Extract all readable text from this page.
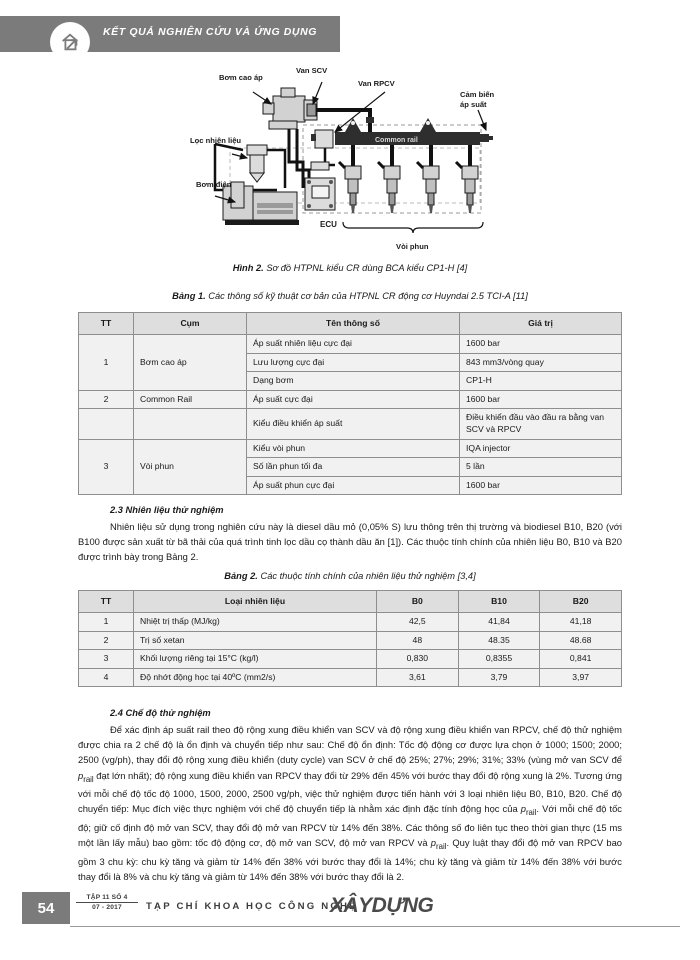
KẾT QUẢ NGHIÊN CỨU VÀ ỨNG DỤNG
Common rail
Bơm cao áp
Van SCV
Van RPCV
Cảm biến
áp suất
Lọc nhiên liệu
Bơm điện
ECU
Vòi phun
Hình 2. Sơ đồ HTPNL kiểu CR dùng BCA kiểu CP1-H [4]
Bảng 1. Các thông số kỹ thuật cơ bản của HTPNL CR động cơ Huyndai 2.5 TCI-A [11]
TT	Cụm	Tên thông số	Giá trị
1	Bơm cao áp	Áp suất nhiên liệu cực đại	1600 bar
		Lưu lượng cực đại	843 mm3/vòng quay
		Dạng bơm	CP1-H
2	Common Rail	Áp suất cực đại	1600 bar
		Kiểu điều khiển áp suất	Điều khiển đầu vào đầu ra bằng van SCV và RPCV
3	Vòi phun	Kiểu vòi phun	IQA injector
		Số lần phun tối đa	5 lần
		Áp suất phun cực đại	1600 bar
2.3 Nhiên liệu thử nghiệm
Nhiên liệu sử dụng trong nghiên cứu này là diesel dầu mỏ (0,05% S) lưu thông trên thị trường và biodiesel B10, B20 (với B100 được sản xuất từ bã thải của quá trình tinh lọc dầu cọ thành dầu ăn [1]). Các thuộc tính chính của nhiên liệu B0, B10 và B20 được trình bày trong Bảng 2.
Bảng 2. Các thuộc tính chính của nhiên liệu thử nghiệm [3,4]
TT	Loại nhiên liệu	B0	B10	B20
1	Nhiệt trị thấp (MJ/kg)	42,5	41,84	41,18
2	Trị số xetan	48	48.35	48.68
3	Khối lượng riêng tại 15°C (kg/l)	0,830	0,8355	0,841
4	Độ nhớt động học tại 40ºC (mm2/s)	3,61	3,79	3,97
2.4 Chế độ thử nghiệm
Để xác định áp suất rail theo độ rộng xung điều khiển van SCV và độ rộng xung điều khiển van RPCV, chế độ thử nghiệm được chia ra 2 chế độ là ổn định và chuyển tiếp như sau: Chế độ ổn định: Tốc độ động cơ được lựa chọn ở 1000; 1500; 2000; 2500 (vg/ph), thay đổi độ rộng xung điều khiển (duty cycle) van SCV ở chế độ 25%; 27%; 29%; 31%; 33% (vùng mở van SCV để $p_{rail}$ đạt lớn nhất); độ rộng xung điều khiển van RPCV thay đổi từ 29% đến 45% với bước thay đổi độ rộng xung là 2%. Tương ứng với mỗi chế độ tốc độ 1000, 1500, 2000, 2500 vg/ph, việc thử nghiệm được tiến hành với 3 loại nhiên liệu B0, B10, B20. Chế độ chuyển tiếp: Mục đích việc thực nghiệm với chế độ chuyển tiếp là nhằm xác định đặc tính động học của $p_{rail}$. Với mỗi chế độ tốc độ; giữ cố định độ mở van SCV, thay đổi độ mở van RPCV từ 14% đến 38%. Các thông số đo liên tục theo thời gian thực (15 ms một lần lấy mẫu) bao gồm: tốc độ động cơ, độ mở van SCV, độ mở van RPCV và $p_{rail}$. Quy luật thay đổi độ mở van RPCV bao gồm 3 chu kỳ: chu kỳ tăng và giảm từ 14% đến 38% với bước thay đổi là 14%; chu kỳ tăng và giảm từ 14% đến 38% với bước thay đổi là 8% và chu kỳ tăng và giảm từ 14% đến 38% với bước thay đổi là 2.
54
TẬP 11 SỐ 4
07 - 2017	TẠP CHÍ KHOA HỌC CÔNG NGHỆ
XÂYDỰNG
